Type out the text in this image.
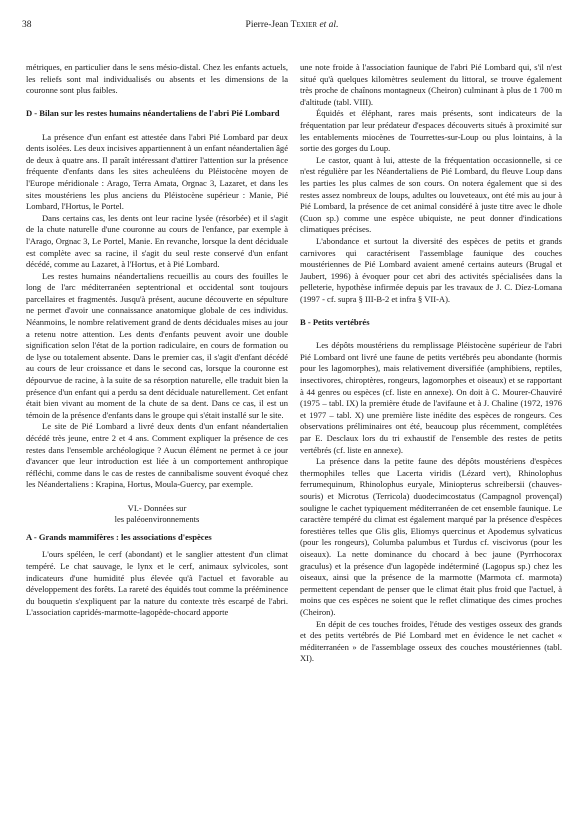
38	Pierre-Jean Texier et al.

métriques, en particulier dans le sens mésio-distal. Chez les enfants actuels, les reliefs sont mal individualisés ou absents et les dimensions de la couronne sont plus faibles.

D - Bilan sur les restes humains néandertaliens de l'abri Pié Lombard

La présence d'un enfant est attestée dans l'abri Pié Lombard par deux dents isolées. Les deux incisives appartiennent à un enfant néandertalien âgé de deux à quatre ans. Il paraît intéressant d'attirer l'attention sur la présence fréquente d'enfants dans les sites acheuléens du Pléistocène moyen de l'Europe méridionale : Arago, Terra Amata, Orgnac 3, Lazaret, et dans les sites moustériens les plus anciens du Pléistocène supérieur : Manie, Pié Lombard, l'Hortus, le Portel.

Dans certains cas, les dents ont leur racine lysée (résorbée) et il s'agit de la chute naturelle d'une couronne au cours de l'enfance, par exemple à l'Arago, Orgnac 3, Le Portel, Manie. En revanche, lorsque la dent déciduale est complète avec sa racine, il s'agit du seul reste conservé d'un enfant décédé, comme au Lazaret, à l'Hortus, et à Pié Lombard.

Les restes humains néandertaliens recueillis au cours des fouilles le long de l'arc méditerranéen septentrional et occidental sont toujours parcellaires et fragmentés. Jusqu'à présent, aucune découverte en sépulture ne permet d'avoir une connaissance anatomique globale de ces individus. Néanmoins, le nombre relativement grand de dents déciduales mises au jour a retenu notre attention. Les dents d'enfants peuvent avoir une double signification selon l'état de la portion radiculaire, en cours de formation ou de lyse ou totalement absente. Dans le premier cas, il s'agit d'enfant décédé au cours de leur croissance et dans le second cas, lorsque la couronne est dépourvue de racine, à la suite de sa résorption naturelle, elle traduit bien la présence d'un enfant qui a perdu sa dent déciduale naturellement. Cet enfant était bien vivant au moment de la chute de sa dent. Dans ce cas, il est un témoin de la présence d'enfants dans le groupe qui s'était installé sur le site.

Le site de Pié Lombard a livré deux dents d'un enfant néandertalien décédé très jeune, entre 2 et 4 ans. Comment expliquer la présence de ces restes dans l'ensemble archéologique ? Aucun élément ne permet à ce jour d'avancer que leur introduction est liée à un comportement anthropique réfléchi, comme dans le cas de restes de cannibalisme souvent évoqué chez les Néandertaliens : Krapina, Hortus, Moula-Guercy, par exemple.

VI.- Données sur
les paléoenvironnements

A - Grands mammifères : les associations d'espèces

L'ours spéléen, le cerf (abondant) et le sanglier attestent d'un climat tempéré. Le chat sauvage, le lynx et le cerf, animaux sylvicoles, sont indicateurs d'une humidité plus élevée qu'à l'actuel et favorable au développement des forêts. La rareté des équidés tout comme la prééminence du bouquetin s'expliquent par la nature du contexte très escarpé de l'abri. L'association capridés-marmotte-lagopède-chocard apporte

une note froide à l'association faunique de l'abri Pié Lombard qui, s'il n'est situé qu'à quelques kilomètres seulement du littoral, se trouve également très proche de chaînons montagneux (Cheiron) culminant à plus de 1 700 m d'altitude (tabl. VIII).

Équidés et éléphant, rares mais présents, sont indicateurs de la fréquentation par leur prédateur d'espaces découverts situés à proximité sur les entablements miocènes de Tourrettes-sur-Loup ou plus lointains, à la sortie des gorges du Loup.

Le castor, quant à lui, atteste de la fréquentation occasionnelle, si ce n'est régulière par les Néandertaliens de Pié Lombard, du fleuve Loup dans les parties les plus calmes de son cours. On notera également que si des restes assez nombreux de loups, adultes ou louveteaux, ont été mis au jour à Pié Lombard, la présence de cet animal considéré à juste titre avec le dhole (Cuon sp.) comme une espèce ubiquiste, ne peut donner d'indications climatiques précises.

L'abondance et surtout la diversité des espèces de petits et grands carnivores qui caractérisent l'assemblage faunique des couches moustériennes de Pié Lombard avaient amené certains auteurs (Brugal et Jaubert, 1996) à évoquer pour cet abri des activités spécialisées dans la pelleterie, hypothèse infirmée depuis par les travaux de J. C. Díez-Lomana (1997 - cf. supra § III-B-2 et infra § VII-A).

B - Petits vertébrés

Les dépôts moustériens du remplissage Pléistocène supérieur de l'abri Pié Lombard ont livré une faune de petits vertébrés peu abondante (hormis pour les lagomorphes), mais relativement diversifiée (amphibiens, reptiles, insectivores, chiroptères, rongeurs, lagomorphes et oiseaux) et se rapportant à 44 genres ou espèces (cf. liste en annexe). On doit à C. Mourer-Chauviré (1975 – tabl. IX) la première étude de l'avifaune et à J. Chaline (1972, 1976 et 1977 – tabl. X) une première liste inédite des espèces de rongeurs. Ces observations préliminaires ont été, beaucoup plus récemment, complétées par E. Desclaux lors du tri exhaustif de l'ensemble des restes de petits vertébrés (cf. liste en annexe).

La présence dans la petite faune des dépôts moustériens d'espèces thermophiles telles que Lacerta viridis (Lézard vert), Rhinolophus ferrumequinum, Rhinolophus euryale, Miniopterus schreibersii (chauves-souris) et Microtus (Terricola) duodecimcostatus (Campagnol provençal) souligne le cachet typiquement méditerranéen de cet ensemble faunique. Le caractère tempéré du climat est également marqué par la présence d'espèces forestières telles que Glis glis, Eliomys quercinus et Apodemus sylvaticus (pour les rongeurs), Columba palumbus et Turdus cf. viscivorus (pour les oiseaux). La nette dominance du chocard à bec jaune (Pyrrhocorax graculus) et la présence d'un lagopède indéterminé (Lagopus sp.) chez les oiseaux, ainsi que la présence de la marmotte (Marmota cf. marmota) permettent cependant de penser que le climat était plus froid que l'actuel, à moins que ces espèces ne soient que le reflet climatique des cimes proches (Cheiron).

En dépit de ces touches froides, l'étude des vestiges osseux des grands et des petits vertébrés de Pié Lombard met en évidence le net cachet « méditerranéen » de l'assemblage osseux des couches moustériennes (tabl. XI).
